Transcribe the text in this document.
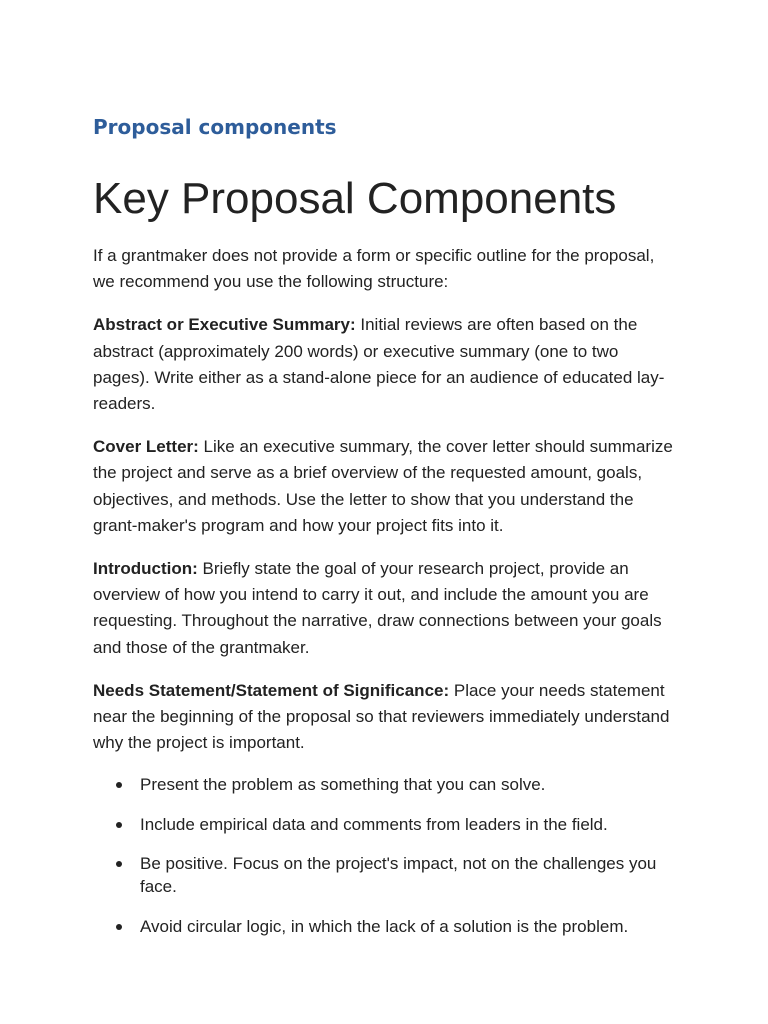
Proposal components
Key Proposal Components

If a grantmaker does not provide a form or specific outline for the proposal, we recommend you use the following structure:

Abstract or Executive Summary: Initial reviews are often based on the abstract (approximately 200 words) or executive summary (one to two pages). Write either as a stand-alone piece for an audience of educated lay-readers.

Cover Letter: Like an executive summary, the cover letter should summarize the project and serve as a brief overview of the requested amount, goals, objectives, and methods. Use the letter to show that you understand the grant-maker's program and how your project fits into it.

Introduction: Briefly state the goal of your research project, provide an overview of how you intend to carry it out, and include the amount you are requesting. Throughout the narrative, draw connections between your goals and those of the grantmaker.

Needs Statement/Statement of Significance: Place your needs statement near the beginning of the proposal so that reviewers immediately understand why the project is important.

Present the problem as something that you can solve.
Include empirical data and comments from leaders in the field.
Be positive. Focus on the project's impact, not on the challenges you face.
Avoid circular logic, in which the lack of a solution is the problem.
